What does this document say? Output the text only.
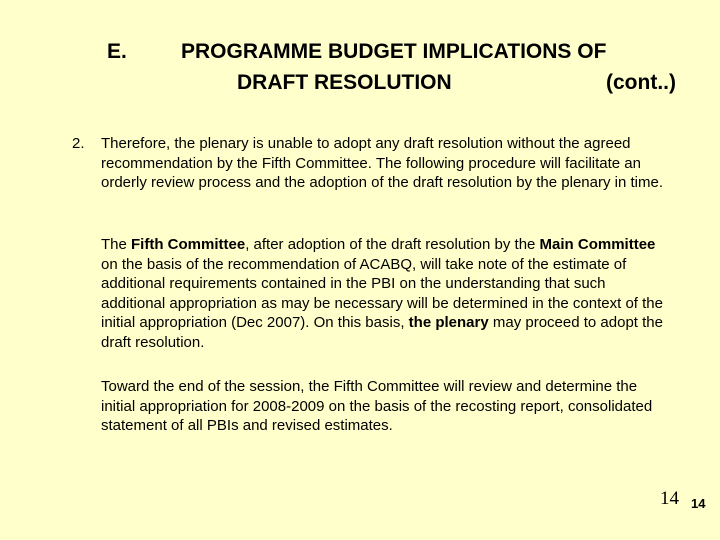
E.	PROGRAMME BUDGET IMPLICATIONS OF
DRAFT RESOLUTION	(cont..)
2. Therefore, the plenary is unable to adopt any draft resolution without the agreed recommendation by the Fifth Committee. The following procedure will facilitate an orderly review process and the adoption of the draft resolution by the plenary in time.
The Fifth Committee, after adoption of the draft resolution by the Main Committee on the basis of the recommendation of ACABQ, will take note of the estimate of additional requirements contained in the PBI on the understanding that such additional appropriation as may be necessary will be determined in the context of the initial appropriation (Dec 2007). On this basis, the plenary may proceed to adopt the draft resolution.
Toward the end of the session, the Fifth Committee will review and determine the initial appropriation for 2008-2009 on the basis of the recosting report, consolidated statement of all PBIs and revised estimates.
14 14
